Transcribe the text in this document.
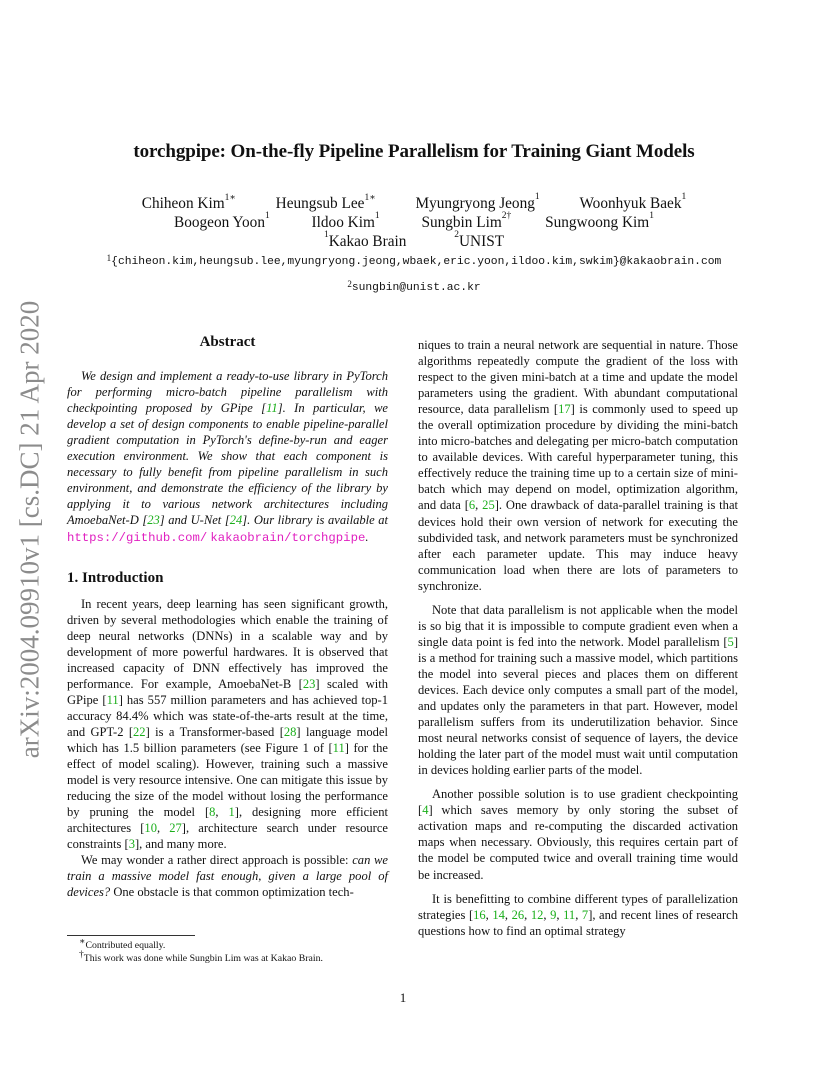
arXiv:2004.09910v1 [cs.DC] 21 Apr 2020
torchgpipe: On-the-fly Pipeline Parallelism for Training Giant Models
Chiheon Kim$^{1∗}$	Heungsub Lee$^{1∗}$	Myungryong Jeong$^1$	Woonhyuk Baek$^1$
Boogeon Yoon$^1$	Ildoo Kim$^1$	Sungbin Lim$^{2\dagger}$ Sungwoong Kim$^1$
$^1$Kakao Brain	$^2$UNIST
$^1${chiheon.kim,heungsub.lee,myungryong.jeong,wbaek,eric.yoon,ildoo.kim,swkim}@kakaobrain.com
$^2$sungbin@unist.ac.kr
Abstract

We design and implement a ready-to-use library in PyTorch for performing micro-batch pipeline parallelism with checkpointing proposed by GPipe [11]. In particular, we develop a set of design components to enable pipeline-parallel gradient computation in PyTorch's define-by-run and eager execution environment. We show that each component is necessary to fully benefit from pipeline parallelism in such environment, and demonstrate the efficiency of the library by applying it to various network architectures including AmoebaNet-D [23] and U-Net [24]. Our library is available at https://github.com/ kakaobrain/torchgpipe.

1. Introduction

In recent years, deep learning has seen significant growth, driven by several methodologies which enable the training of deep neural networks (DNNs) in a scalable way and by development of more powerful hardwares. It is observed that increased capacity of DNN effectively has improved the performance. For example, AmoebaNet-B [23] scaled with GPipe [11] has 557 million parameters and has achieved top-1 accuracy 84.4% which was state-of-the-arts result at the time, and GPT-2 [22] is a Transformer-based [28] language model which has 1.5 billion parameters (see Figure 1 of [11] for the effect of model scaling). However, training such a massive model is very resource intensive. One can mitigate this issue by reducing the size of the model without losing the performance by pruning the model [8, 1], designing more efficient architectures [10, 27], architecture search under resource constraints [3], and many more.

We may wonder a rather direct approach is possible: can we train a massive model fast enough, given a large pool of devices? One obstacle is that common optimization tech-

∗Contributed equally.
†This work was done while Sungbin Lim was at Kakao Brain.

niques to train a neural network are sequential in nature. Those algorithms repeatedly compute the gradient of the loss with respect to the given mini-batch at a time and update the model parameters using the gradient. With abundant computational resource, data parallelism [17] is commonly used to speed up the overall optimization procedure by dividing the mini-batch into micro-batches and delegating per micro-batch computation to available devices. With careful hyperparameter tuning, this effectively reduce the training time up to a certain size of mini-batch which may depend on model, optimization algorithm, and data [6, 25]. One drawback of data-parallel training is that devices hold their own version of network for executing the subdivided task, and network parameters must be synchronized after each parameter update. This may induce heavy communication load when there are lots of parameters to synchronize.

Note that data parallelism is not applicable when the model is so big that it is impossible to compute gradient even when a single data point is fed into the network. Model parallelism [5] is a method for training such a massive model, which partitions the model into several pieces and places them on different devices. Each device only computes a small part of the model, and updates only the parameters in that part. However, model parallelism suffers from its underutilization behavior. Since most neural networks consist of sequence of layers, the device holding the later part of the model must wait until computation in devices holding earlier parts of the model.

Another possible solution is to use gradient checkpointing [4] which saves memory by only storing the subset of activation maps and re-computing the discarded activation maps when necessary. Obviously, this requires certain part of the model be computed twice and overall training time would be increased.

It is benefitting to combine different types of parallelization strategies [16, 14, 26, 12, 9, 11, 7], and recent lines of research questions how to find an optimal strategy

1
